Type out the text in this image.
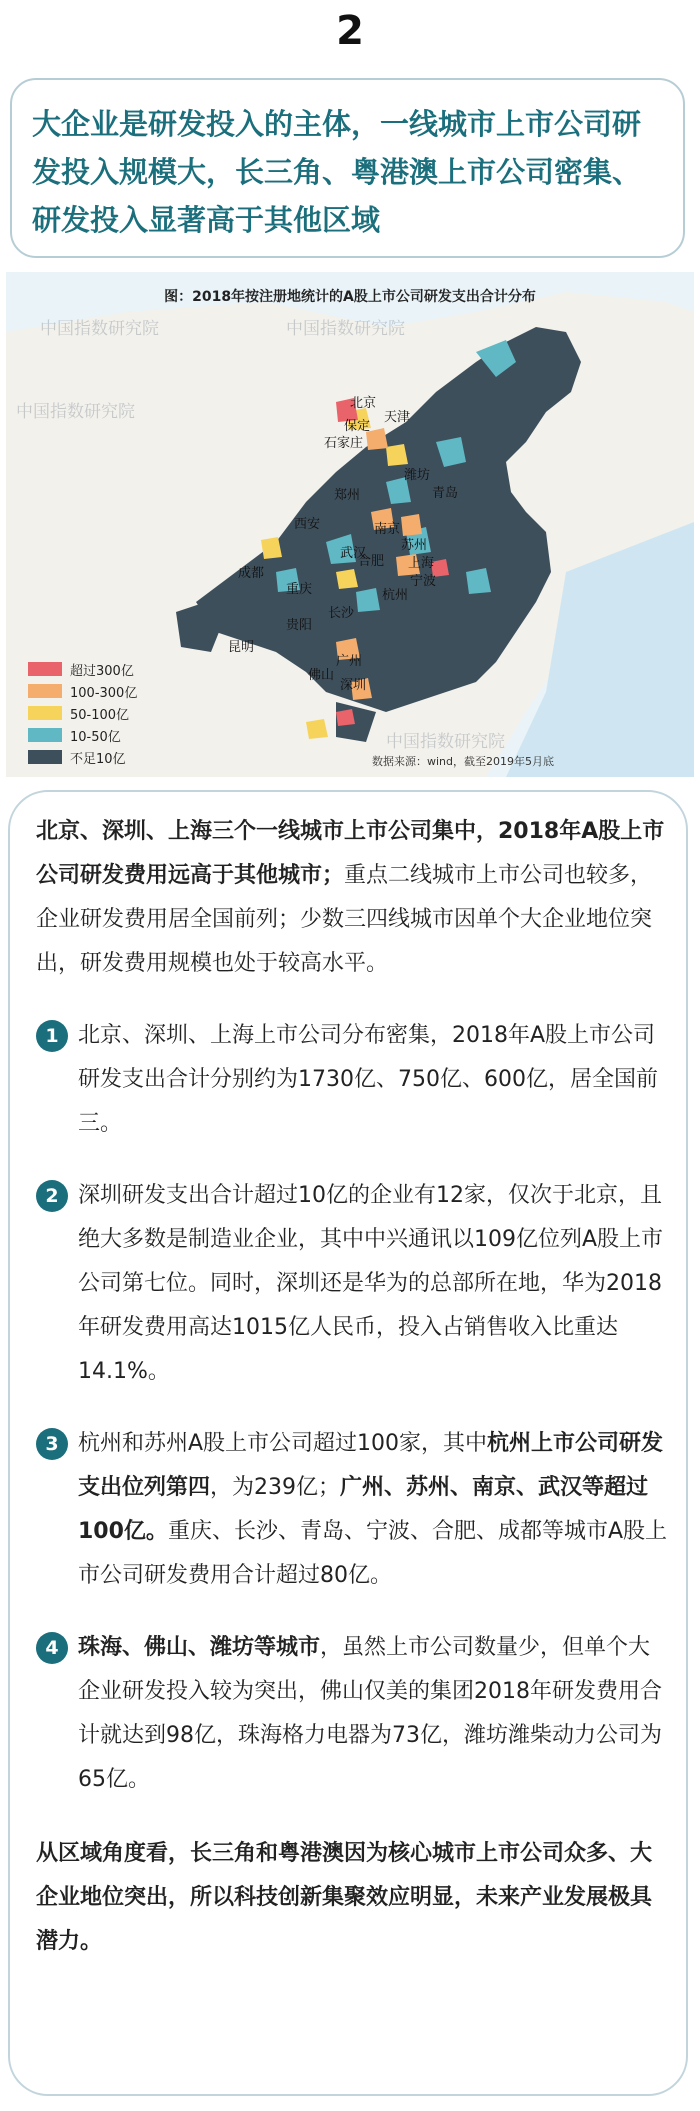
2
大企业是研发投入的主体，一线城市上市公司研发投入规模大，长三角、粤港澳上市公司密集、研发投入显著高于其他区域
图：2018年按注册地统计的A股上市公司研发支出合计分布
中国指数研究院
中国指数研究院
中国指数研究院
中国指数研究院
北京
天津
保定
石家庄
潍坊
青岛
郑州
西安	南京
苏州
上海
合肥
武汉
宁波
杭州
成都
重庆
长沙
贵阳
昆明
佛山
广州
深圳
超过300亿
100-300亿
50-100亿
10-50亿
不足10亿	数据来源：wind，截至2019年5月底
北京、深圳、上海三个一线城市上市公司集中，2018年A股上市公司研发费用远高于其他城市；重点二线城市上市公司也较多，企业研发费用居全国前列；少数三四线城市因单个大企业地位突出，研发费用规模也处于较高水平。
1 北京、深圳、上海上市公司分布密集，2018年A股上市公司研发支出合计分别约为1730亿、750亿、600亿，居全国前三。
2 深圳研发支出合计超过10亿的企业有12家，仅次于北京，且绝大多数是制造业企业，其中中兴通讯以109亿位列A股上市公司第七位。同时，深圳还是华为的总部所在地，华为2018年研发费用高达1015亿人民币，投入占销售收入比重达14.1%。
3 杭州和苏州A股上市公司超过100家，其中杭州上市公司研发支出位列第四，为239亿；广州、苏州、南京、武汉等超过100亿。重庆、长沙、青岛、宁波、合肥、成都等城市A股上市公司研发费用合计超过80亿。
4 珠海、佛山、潍坊等城市，虽然上市公司数量少，但单个大企业研发投入较为突出，佛山仅美的集团2018年研发费用合计就达到98亿，珠海格力电器为73亿，潍坊潍柴动力公司为65亿。
从区域角度看，长三角和粤港澳因为核心城市上市公司众多、大企业地位突出，所以科技创新集聚效应明显，未来产业发展极具潜力。
